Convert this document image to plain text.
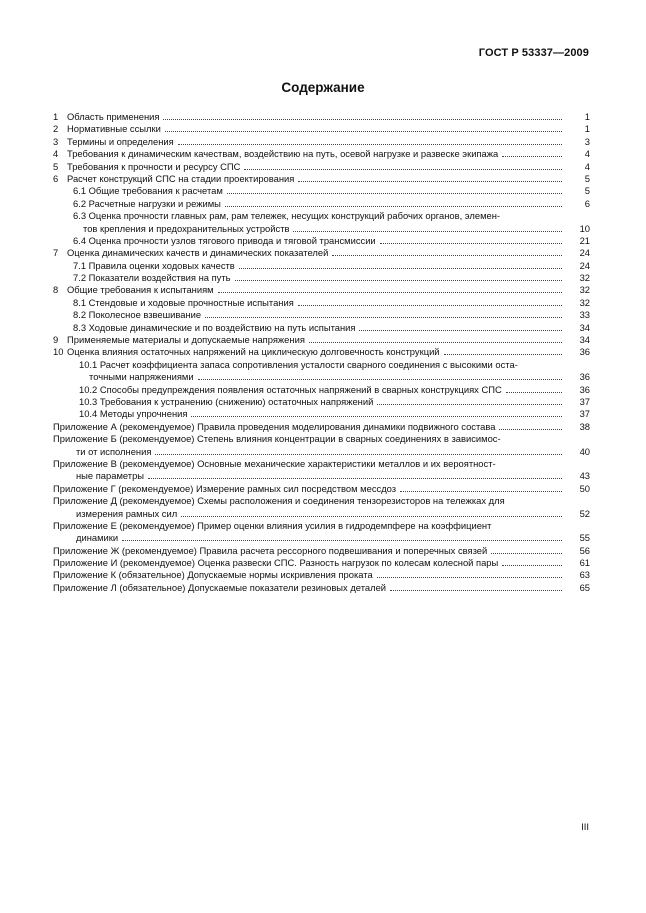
ГОСТ Р 53337—2009
Содержание
1 Область применения	1
2 Нормативные ссылки	1
3 Термины и определения	3
4 Требования к динамическим качествам, воздействию на путь, осевой нагрузке и развеске экипажа	4
5 Требования к прочности и ресурсу СПС	4
6 Расчет конструкций СПС на стадии проектирования	5
6.1 Общие требования к расчетам	5
6.2 Расчетные нагрузки и режимы	6
6.3 Оценка прочности главных рам, рам тележек, несущих конструкций рабочих органов, элемен-
тов крепления и предохранительных устройств	10
6.4 Оценка прочности узлов тягового привода и тяговой трансмиссии	21
7 Оценка динамических качеств и динамических показателей	24
7.1 Правила оценки ходовых качеств	24
7.2 Показатели воздействия на путь	32
8 Общие требования к испытаниям	32
8.1 Стендовые и ходовые прочностные испытания	32
8.2 Поколесное взвешивание	33
8.3 Ходовые динамические и по воздействию на путь испытания	34
9 Применяемые материалы и допускаемые напряжения	34
10 Оценка влияния остаточных напряжений на циклическую долговечность конструкций	36
10.1 Расчет коэффициента запаса сопротивления усталости сварного соединения с высокими оста-
точными напряжениями	36
10.2 Способы предупреждения появления остаточных напряжений в сварных конструкциях СПС	36
10.3 Требования к устранению (снижению) остаточных напряжений	37
10.4 Методы упрочнения	37
Приложение А (рекомендуемое) Правила проведения моделирования динамики подвижного состава	38
Приложение Б (рекомендуемое) Степень влияния концентрации в сварных соединениях в зависимос-
ти от исполнения	40
Приложение В (рекомендуемое) Основные механические характеристики металлов и их вероятност-
ные параметры	43
Приложение Г (рекомендуемое) Измерение рамных сил посредством мессдоз	50
Приложение Д (рекомендуемое) Схемы расположения и соединения тензорезисторов на тележках для
измерения рамных сил	52
Приложение Е (рекомендуемое) Пример оценки влияния усилия в гидродемпфере на коэффициент
динамики	55
Приложение Ж (рекомендуемое) Правила расчета рессорного подвешивания и поперечных связей	56
Приложение И (рекомендуемое) Оценка развески СПС. Разность нагрузок по колесам колесной пары	61
Приложение К (обязательное) Допускаемые нормы искривления проката	63
Приложение Л (обязательное) Допускаемые показатели резиновых деталей	65
III
